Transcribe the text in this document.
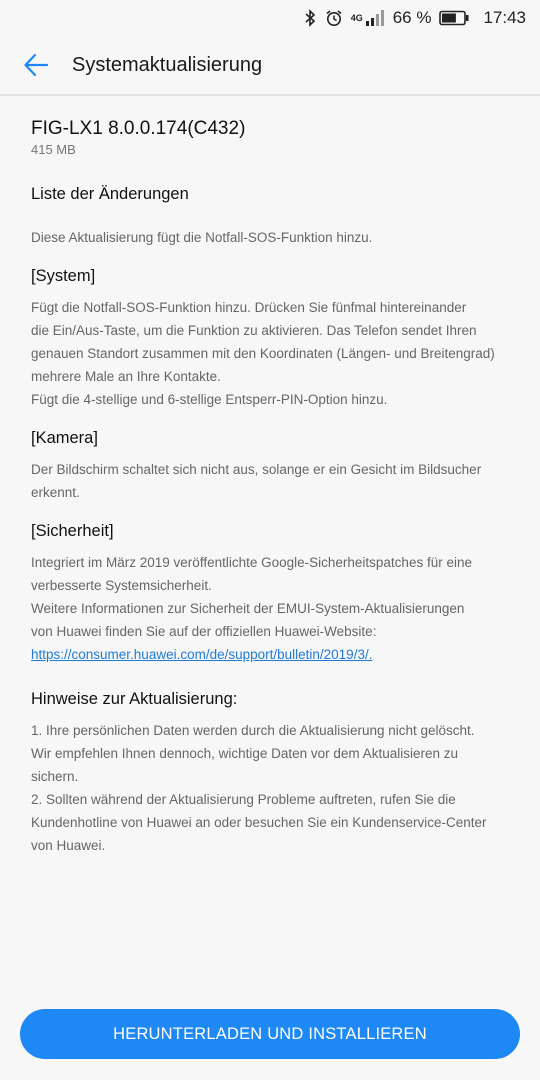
4G 66 %	17:43
Systemaktualisierung
FIG-LX1 8.0.0.174(C432)
415 MB
Liste der Änderungen
Diese Aktualisierung fügt die Notfall-SOS-Funktion hinzu.
[System]
Fügt die Notfall-SOS-Funktion hinzu. Drücken Sie fünfmal hintereinander
die Ein/Aus-Taste, um die Funktion zu aktivieren. Das Telefon sendet Ihren
genauen Standort zusammen mit den Koordinaten (Längen- und Breitengrad)
mehrere Male an Ihre Kontakte.
Fügt die 4-stellige und 6-stellige Entsperr-PIN-Option hinzu.
[Kamera]
Der Bildschirm schaltet sich nicht aus, solange er ein Gesicht im Bildsucher
erkennt.
[Sicherheit]
Integriert im März 2019 veröffentlichte Google-Sicherheitspatches für eine
verbesserte Systemsicherheit.
Weitere Informationen zur Sicherheit der EMUI-System-Aktualisierungen
von Huawei finden Sie auf der offiziellen Huawei-Website:
https://consumer.huawei.com/de/support/bulletin/2019/3/.
Hinweise zur Aktualisierung:
1. Ihre persönlichen Daten werden durch die Aktualisierung nicht gelöscht.
Wir empfehlen Ihnen dennoch, wichtige Daten vor dem Aktualisieren zu
sichern.
2. Sollten während der Aktualisierung Probleme auftreten, rufen Sie die
Kundenhotline von Huawei an oder besuchen Sie ein Kundenservice-Center
von Huawei.
HERUNTERLADEN UND INSTALLIEREN
